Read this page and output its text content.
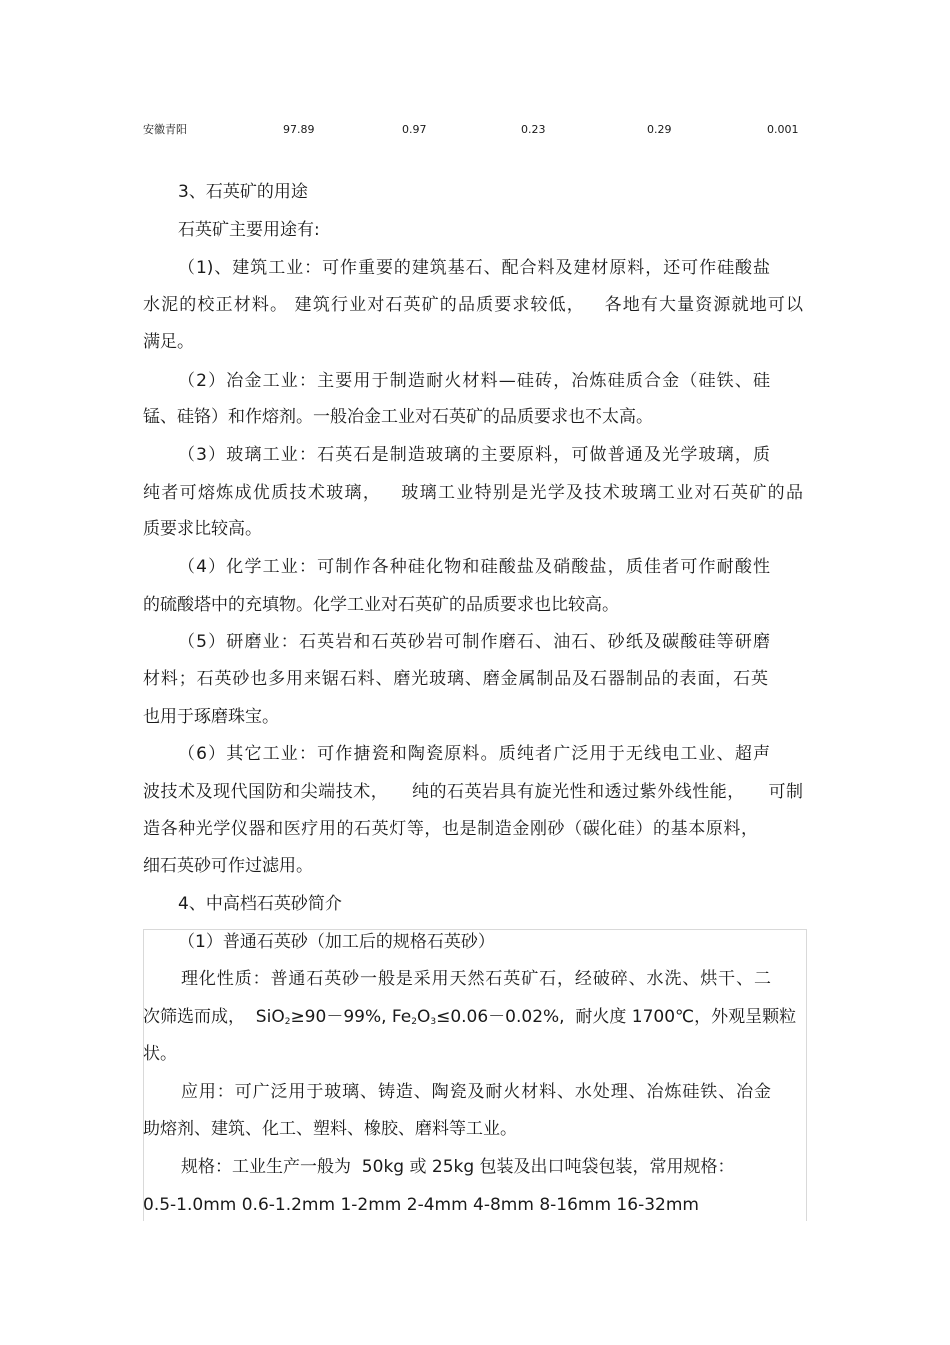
安徽青阳	97.89	0.97	0.23	0.29	0.001
3、石英矿的用途
石英矿主要用途有:
（1)、建筑工业：可作重要的建筑基石、配合料及建材原料，还可作硅酸盐
水泥的校正材料。 建筑行业对石英矿的品质要求较低，   各地有大量资源就地可以
满足。
（2）冶金工业：主要用于制造耐火材料—硅砖，冶炼硅质合金（硅铁、硅
锰、硅铬）和作熔剂。一般冶金工业对石英矿的品质要求也不太高。
（3）玻璃工业：石英石是制造玻璃的主要原料，可做普通及光学玻璃，质
纯者可熔炼成优质技术玻璃，   玻璃工业特别是光学及技术玻璃工业对石英矿的品
质要求比较高。
（4）化学工业：可制作各种硅化物和硅酸盐及硝酸盐，质佳者可作耐酸性
的硫酸塔中的充填物。化学工业对石英矿的品质要求也比较高。
（5）研磨业：石英岩和石英砂岩可制作磨石、油石、砂纸及碳酸硅等研磨
材料；石英砂也多用来锯石料、磨光玻璃、磨金属制品及石器制品的表面，石英
也用于琢磨珠宝。
（6）其它工业：可作搪瓷和陶瓷原料。质纯者广泛用于无线电工业、超声
波技术及现代国防和尖端技术，    纯的石英岩具有旋光性和透过紫外线性能，    可制
造各种光学仪器和医疗用的石英灯等，也是制造金刚砂（碳化硅）的基本原料，
细石英砂可作过滤用。
4、中高档石英砂简介
（1）普通石英砂（加工后的规格石英砂）
理化性质：普通石英砂一般是采用天然石英矿石，经破碎、水洗、烘干、二
次筛选而成，  SiO$_2$≥90－99%, $Fe_2O_3\le 0.06-0.02\%$,  耐火度 1700℃，外观呈颗粒
状。
应用：可广泛用于玻璃、铸造、陶瓷及耐火材料、水处理、冶炼硅铁、冶金
助熔剂、建筑、化工、塑料、橡胶、磨料等工业。
规格：工业生产一般为  50kg 或 25kg 包装及出口吨袋包装，常用规格：
0.5-1.0mm 0.6-1.2mm 1-2mm 2-4mm 4-8mm 8-16mm 16-32mm
